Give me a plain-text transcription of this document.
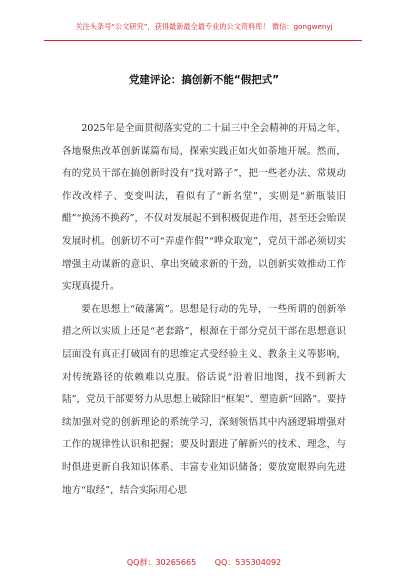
关注头条号“公文研究”，获得最新最全最专业的公文资料库！ 微信：gongwenyj
党建评论：搞创新不能“假把式”

2025年是全面贯彻落实党的二十届三中全会精神的开局之年，各地聚焦改革创新谋篇布局，探索实践正如火如荼地开展。然而，有的党员干部在搞创新时没有“找对路子”，把一些老办法、常规动作改改样子、变变叫法，看似有了“新名堂”，实则是“新瓶装旧醋”“换汤不换药”，不仅对发展起不到积极促进作用，甚至还会贻误发展时机。创新切不可“弄虚作假”“哗众取宠”，党员干部必须切实增强主动谋新的意识、拿出突破求新的干劲，以创新实效推动工作实现真提升。

要在思想上“破藩篱”。思想是行动的先导，一些所谓的创新举措之所以实质上还是“老套路”，根源在于部分党员干部在思想意识层面没有真正打破固有的思维定式受经验主义、教条主义等影响，对传统路径的依赖难以克服。俗话说“沿着旧地图，找不到新大陆”，党员干部要努力从思想上破除旧“框架”、塑造新“回路”。要持续加强对党的创新理论的系统学习，深刻领悟其中内涵逻辑增强对工作的规律性认识和把握；要及时跟进了解新兴的技术、理念，与时俱进更新自我知识体系、丰富专业知识储备；要放宽眼界向先进地方“取经”，结合实际用心思

QQ群：30265665 QQ：535304092
